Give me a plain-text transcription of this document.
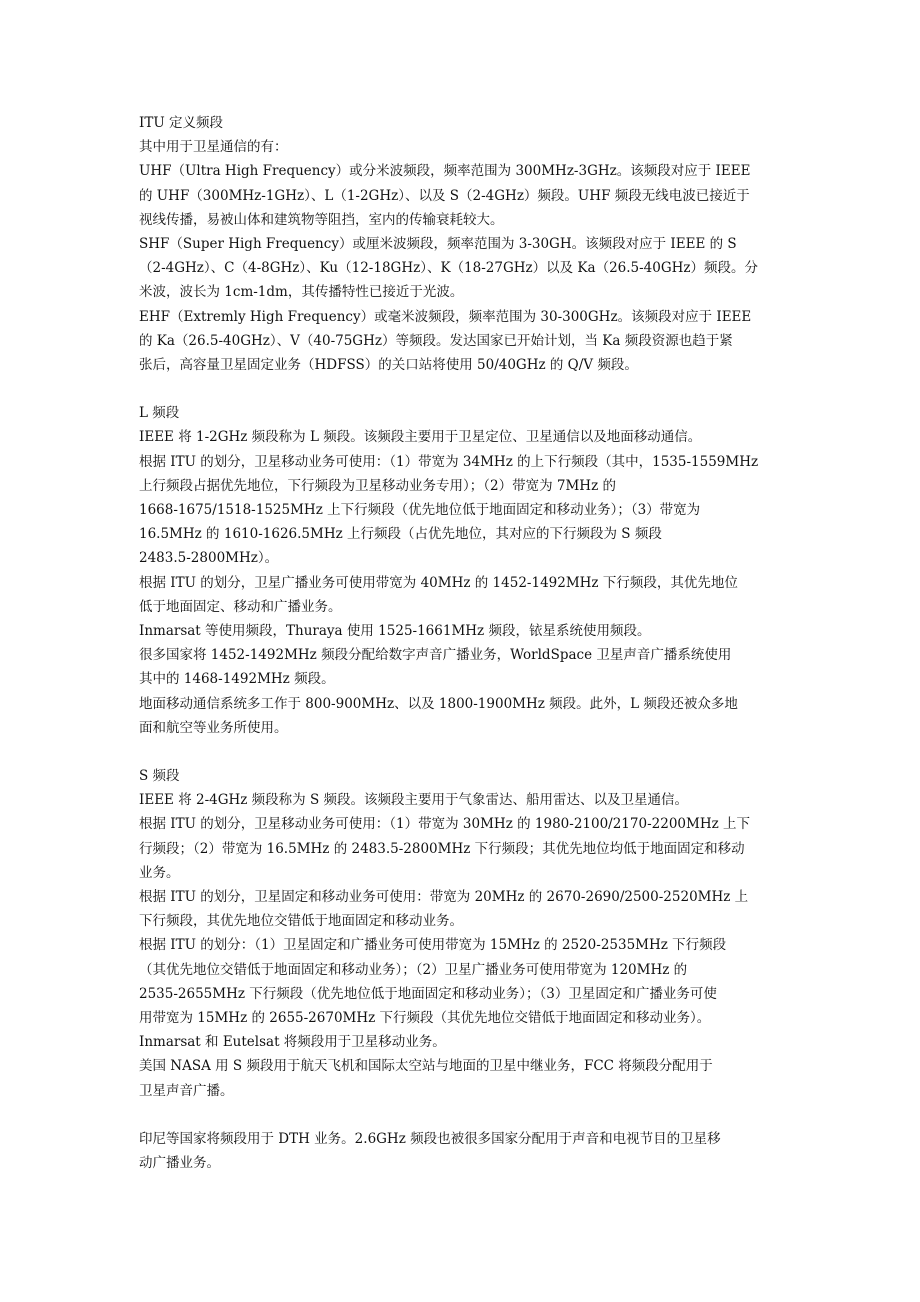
ITU 定义频段
其中用于卫星通信的有：
UHF（Ultra High Frequency）或分米波频段，频率范围为 300MHz-3GHz。该频段对应于 IEEE
的 UHF（300MHz-1GHz）、L（1-2GHz）、以及 S（2-4GHz）频段。UHF 频段无线电波已接近于
视线传播，易被山体和建筑物等阻挡，室内的传输衰耗较大。
SHF（Super High Frequency）或厘米波频段，频率范围为 3-30GH。该频段对应于 IEEE 的 S
（2-4GHz）、C（4-8GHz）、Ku（12-18GHz）、K（18-27GHz）以及 Ka（26.5-40GHz）频段。分
米波，波长为 1cm-1dm，其传播特性已接近于光波。
EHF（Extremly High Frequency）或毫米波频段，频率范围为 30-300GHz。该频段对应于 IEEE
的 Ka（26.5-40GHz）、V（40-75GHz）等频段。发达国家已开始计划，当 Ka 频段资源也趋于紧
张后，高容量卫星固定业务（HDFSS）的关口站将使用 50/40GHz 的 Q/V 频段。
L 频段
IEEE 将 1-2GHz 频段称为 L 频段。该频段主要用于卫星定位、卫星通信以及地面移动通信。
根据 ITU 的划分，卫星移动业务可使用：（1）带宽为 34MHz 的上下行频段（其中，1535-1559MHz
上行频段占据优先地位，下行频段为卫星移动业务专用）；（2）带宽为 7MHz 的
1668-1675/1518-1525MHz 上下行频段（优先地位低于地面固定和移动业务）；（3）带宽为
16.5MHz 的 1610-1626.5MHz 上行频段（占优先地位，其对应的下行频段为 S 频段
2483.5-2800MHz）。
根据 ITU 的划分，卫星广播业务可使用带宽为 40MHz 的 1452-1492MHz 下行频段，其优先地位
低于地面固定、移动和广播业务。
Inmarsat 等使用频段，Thuraya 使用 1525-1661MHz 频段，铱星系统使用频段。
很多国家将 1452-1492MHz 频段分配给数字声音广播业务，WorldSpace 卫星声音广播系统使用
其中的 1468-1492MHz 频段。
地面移动通信系统多工作于 800-900MHz、以及 1800-1900MHz 频段。此外，L 频段还被众多地
面和航空等业务所使用。
S 频段
IEEE 将 2-4GHz 频段称为 S 频段。该频段主要用于气象雷达、船用雷达、以及卫星通信。
根据 ITU 的划分，卫星移动业务可使用：（1）带宽为 30MHz 的 1980-2100/2170-2200MHz 上下
行频段；（2）带宽为 16.5MHz 的 2483.5-2800MHz 下行频段；其优先地位均低于地面固定和移动
业务。
根据 ITU 的划分，卫星固定和移动业务可使用：带宽为 20MHz 的 2670-2690/2500-2520MHz 上
下行频段，其优先地位交错低于地面固定和移动业务。
根据 ITU 的划分：（1）卫星固定和广播业务可使用带宽为 15MHz 的 2520-2535MHz 下行频段
（其优先地位交错低于地面固定和移动业务）；（2）卫星广播业务可使用带宽为 120MHz 的
2535-2655MHz 下行频段（优先地位低于地面固定和移动业务）；（3）卫星固定和广播业务可使
用带宽为 15MHz 的 2655-2670MHz 下行频段（其优先地位交错低于地面固定和移动业务）。
Inmarsat 和 Eutelsat 将频段用于卫星移动业务。
美国 NASA 用 S 频段用于航天飞机和国际太空站与地面的卫星中继业务，FCC 将频段分配用于
卫星声音广播。
印尼等国家将频段用于 DTH 业务。2.6GHz 频段也被很多国家分配用于声音和电视节目的卫星移
动广播业务。
